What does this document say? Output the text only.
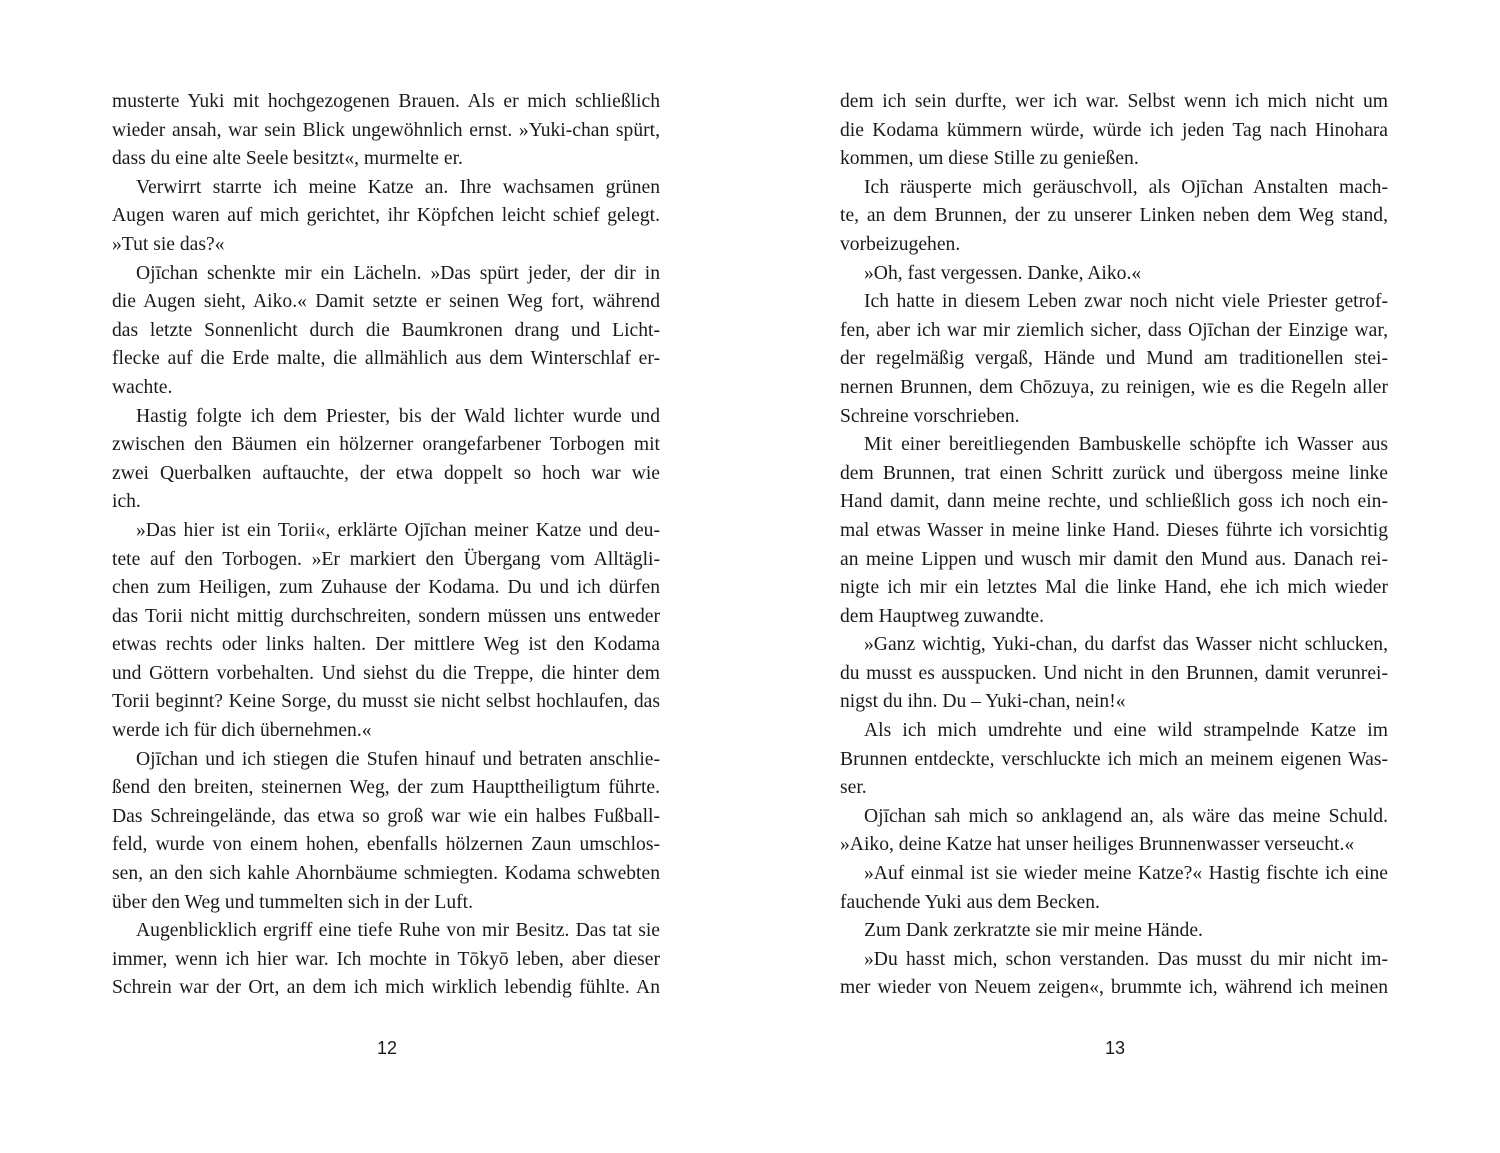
musterte Yuki mit hochgezogenen Brauen. Als er mich schließlich
wieder ansah, war sein Blick ungewöhnlich ernst. »Yuki-chan spürt,
dass du eine alte Seele besitzt«, murmelte er.
Verwirrt starrte ich meine Katze an. Ihre wachsamen grünen
Augen waren auf mich gerichtet, ihr Köpfchen leicht schief gelegt.
»Tut sie das?«
Ojīchan schenkte mir ein Lächeln. »Das spürt jeder, der dir in
die Augen sieht, Aiko.« Damit setzte er seinen Weg fort, während
das letzte Sonnenlicht durch die Baumkronen drang und Licht-
flecke auf die Erde malte, die allmählich aus dem Winterschlaf er-
wachte.
Hastig folgte ich dem Priester, bis der Wald lichter wurde und
zwischen den Bäumen ein hölzerner orangefarbener Torbogen mit
zwei Querbalken auftauchte, der etwa doppelt so hoch war wie
ich.
»Das hier ist ein Torii«, erklärte Ojīchan meiner Katze und deu-
tete auf den Torbogen. »Er markiert den Übergang vom Alltägli-
chen zum Heiligen, zum Zuhause der Kodama. Du und ich dürfen
das Torii nicht mittig durchschreiten, sondern müssen uns entweder
etwas rechts oder links halten. Der mittlere Weg ist den Kodama
und Göttern vorbehalten. Und siehst du die Treppe, die hinter dem
Torii beginnt? Keine Sorge, du musst sie nicht selbst hochlaufen, das
werde ich für dich übernehmen.«
Ojīchan und ich stiegen die Stufen hinauf und betraten anschlie-
ßend den breiten, steinernen Weg, der zum Haupttheiligtum führte.
Das Schreingelände, das etwa so groß war wie ein halbes Fußball-
feld, wurde von einem hohen, ebenfalls hölzernen Zaun umschlos-
sen, an den sich kahle Ahornbäume schmiegten. Kodama schwebten
über den Weg und tummelten sich in der Luft.
Augenblicklich ergriff eine tiefe Ruhe von mir Besitz. Das tat sie
immer, wenn ich hier war. Ich mochte in Tōkyō leben, aber dieser
Schrein war der Ort, an dem ich mich wirklich lebendig fühlte. An
12
dem ich sein durfte, wer ich war. Selbst wenn ich mich nicht um
die Kodama kümmern würde, würde ich jeden Tag nach Hinohara
kommen, um diese Stille zu genießen.
Ich räusperte mich geräuschvoll, als Ojīchan Anstalten mach-
te, an dem Brunnen, der zu unserer Linken neben dem Weg stand,
vorbeizugehen.
»Oh, fast vergessen. Danke, Aiko.«
Ich hatte in diesem Leben zwar noch nicht viele Priester getrof-
fen, aber ich war mir ziemlich sicher, dass Ojīchan der Einzige war,
der regelmäßig vergaß, Hände und Mund am traditionellen stei-
nernen Brunnen, dem Chōzuya, zu reinigen, wie es die Regeln aller
Schreine vorschrieben.
Mit einer bereitliegenden Bambuskelle schöpfte ich Wasser aus
dem Brunnen, trat einen Schritt zurück und übergoss meine linke
Hand damit, dann meine rechte, und schließlich goss ich noch ein-
mal etwas Wasser in meine linke Hand. Dieses führte ich vorsichtig
an meine Lippen und wusch mir damit den Mund aus. Danach rei-
nigte ich mir ein letztes Mal die linke Hand, ehe ich mich wieder
dem Hauptweg zuwandte.
»Ganz wichtig, Yuki-chan, du darfst das Wasser nicht schlucken,
du musst es ausspucken. Und nicht in den Brunnen, damit verunrei-
nigst du ihn. Du – Yuki-chan, nein!«
Als ich mich umdrehte und eine wild strampelnde Katze im
Brunnen entdeckte, verschluckte ich mich an meinem eigenen Was-
ser.
Ojīchan sah mich so anklagend an, als wäre das meine Schuld.
»Aiko, deine Katze hat unser heiliges Brunnenwasser verseucht.«
»Auf einmal ist sie wieder meine Katze?« Hastig fischte ich eine
fauchende Yuki aus dem Becken.
Zum Dank zerkratzte sie mir meine Hände.
»Du hasst mich, schon verstanden. Das musst du mir nicht im-
mer wieder von Neuem zeigen«, brummte ich, während ich meinen
13
